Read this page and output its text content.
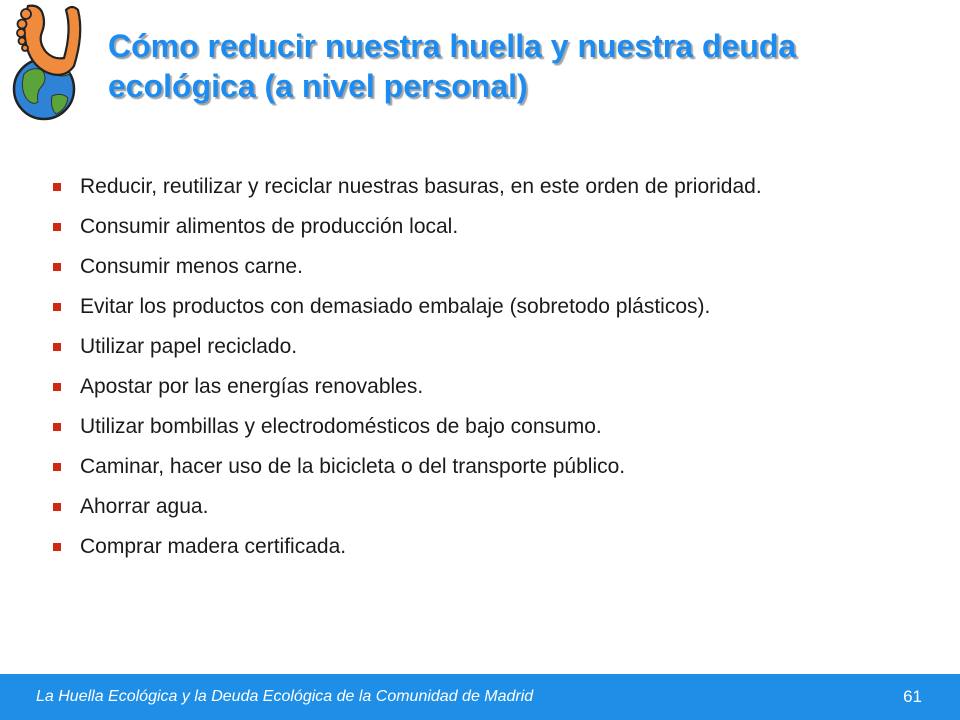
Cómo reducir nuestra huella y nuestra deuda ecológica (a nivel personal)
Reducir, reutilizar y reciclar nuestras basuras, en este orden de prioridad.
Consumir alimentos de producción local.
Consumir menos carne.
Evitar los productos con demasiado embalaje (sobretodo plásticos).
Utilizar papel reciclado.
Apostar por las energías renovables.
Utilizar bombillas y electrodomésticos de bajo consumo.
Caminar, hacer uso de la bicicleta o del transporte público.
Ahorrar agua.
Comprar madera certificada.
La Huella Ecológica y la Deuda Ecológica de la Comunidad de Madrid	61
